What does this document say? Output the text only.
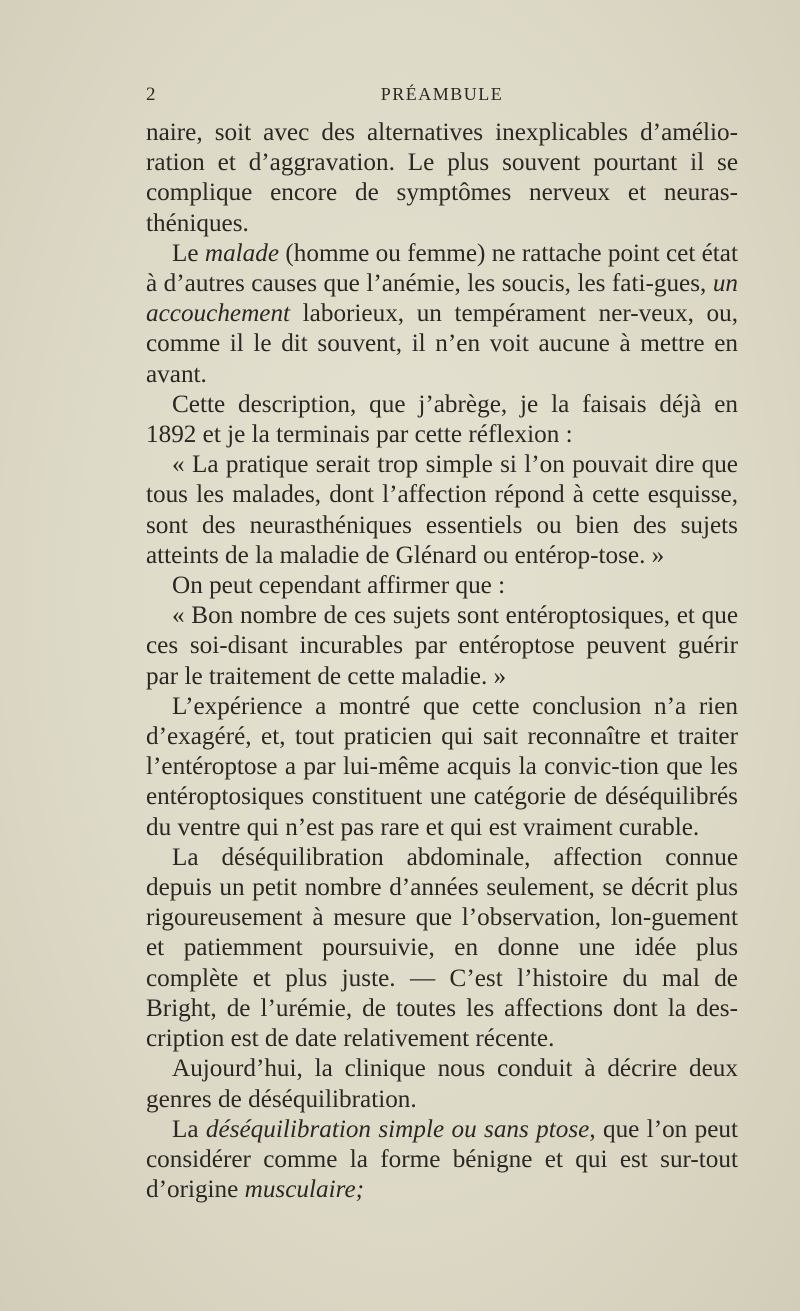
2	PRÉAMBULE

naire, soit avec des alternatives inexplicables d’amélio-ration et d’aggravation. Le plus souvent pourtant il se complique encore de symptômes nerveux et neuras-théniques.

Le malade (homme ou femme) ne rattache point cet état à d’autres causes que l’anémie, les soucis, les fati-gues, un accouchement laborieux, un tempérament ner-veux, ou, comme il le dit souvent, il n’en voit aucune à mettre en avant.

Cette description, que j’abrège, je la faisais déjà en 1892 et je la terminais par cette réflexion :

« La pratique serait trop simple si l’on pouvait dire que tous les malades, dont l’affection répond à cette esquisse, sont des neurasthéniques essentiels ou bien des sujets atteints de la maladie de Glénard ou entérop-tose. »

On peut cependant affirmer que :

« Bon nombre de ces sujets sont entéroptosiques, et que ces soi-disant incurables par entéroptose peuvent guérir par le traitement de cette maladie. »

L’expérience a montré que cette conclusion n’a rien d’exagéré, et, tout praticien qui sait reconnaître et traiter l’entéroptose a par lui-même acquis la convic-tion que les entéroptosiques constituent une catégorie de déséquilibrés du ventre qui n’est pas rare et qui est vraiment curable.

La déséquilibration abdominale, affection connue depuis un petit nombre d’années seulement, se décrit plus rigoureusement à mesure que l’observation, lon-guement et patiemment poursuivie, en donne une idée plus complète et plus juste. — C’est l’histoire du mal de Bright, de l’urémie, de toutes les affections dont la des-cription est de date relativement récente.

Aujourd’hui, la clinique nous conduit à décrire deux genres de déséquilibration.

La déséquilibration simple ou sans ptose, que l’on peut considérer comme la forme bénigne et qui est sur-tout d’origine musculaire;
